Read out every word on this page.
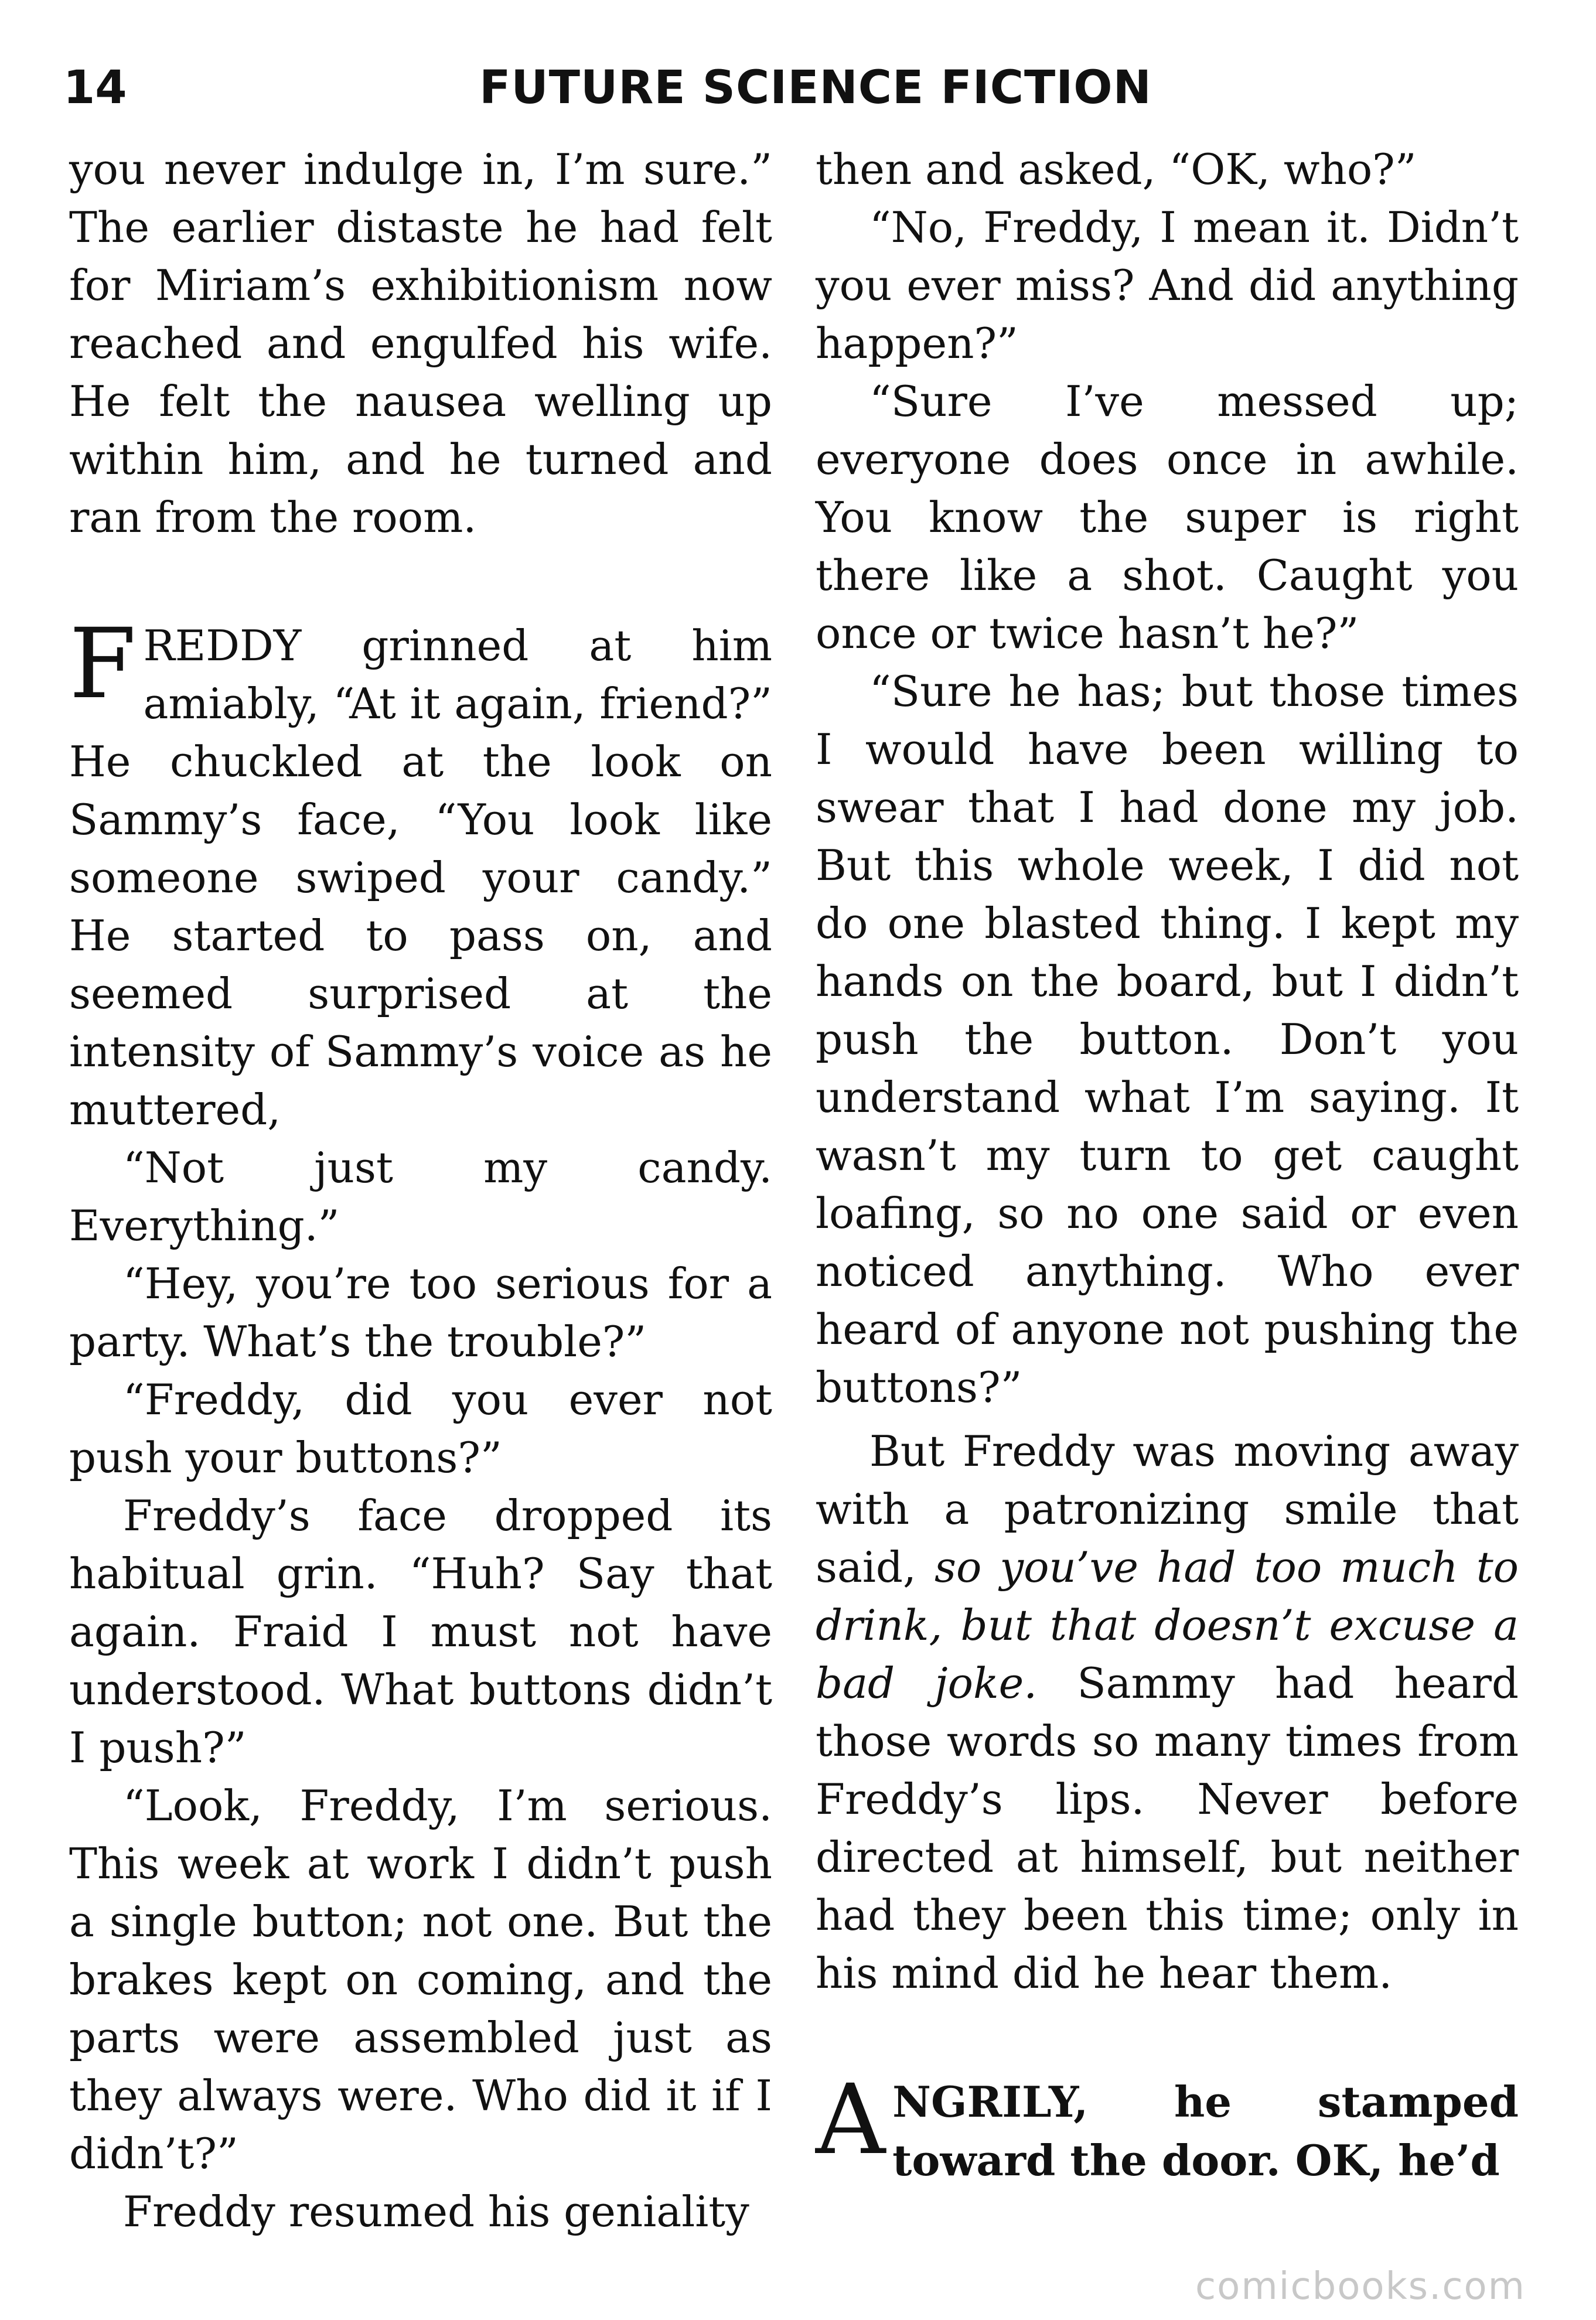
14	FUTURE SCIENCE FICTION

you never indulge in, I’m sure.” The earlier distaste he had felt for Miriam’s exhibitionism now reached and engulfed his wife. He felt the nausea welling up within him, and he turned and ran from the room.

FREDDY grinned at him amiably, “At it again, friend?” He chuckled at the look on Sammy’s face, “You look like someone swiped your candy.” He started to pass on, and seemed surprised at the intensity of Sammy’s voice as he muttered,

“Not just my candy. Everything.”

“Hey, you’re too serious for a party. What’s the trouble?”

“Freddy, did you ever not push your buttons?”

Freddy’s face dropped its habitual grin. “Huh? Say that again. Fraid I must not have understood. What buttons didn’t I push?”

“Look, Freddy, I’m serious. This week at work I didn’t push a single button; not one. But the brakes kept on coming, and the parts were assembled just as they always were. Who did it if I didn’t?”

Freddy resumed his geniality

then and asked, “OK, who?”

“No, Freddy, I mean it. Didn’t you ever miss? And did anything happen?”

“Sure I’ve messed up; everyone does once in awhile. You know the super is right there like a shot. Caught you once or twice hasn’t he?”

“Sure he has; but those times I would have been willing to swear that I had done my job. But this whole week, I did not do one blasted thing. I kept my hands on the board, but I didn’t push the button. Don’t you understand what I’m saying. It wasn’t my turn to get caught loafing, so no one said or even noticed anything. Who ever heard of anyone not pushing the buttons?”

But Freddy was moving away with a patronizing smile that said, so you’ve had too much to drink, but that doesn’t excuse a bad joke. Sammy had heard those words so many times from Freddy’s lips. Never before directed at himself, but neither had they been this time; only in his mind did he hear them.

ANGRILY, he stamped toward the door. OK, he’d

comicbooks.com
